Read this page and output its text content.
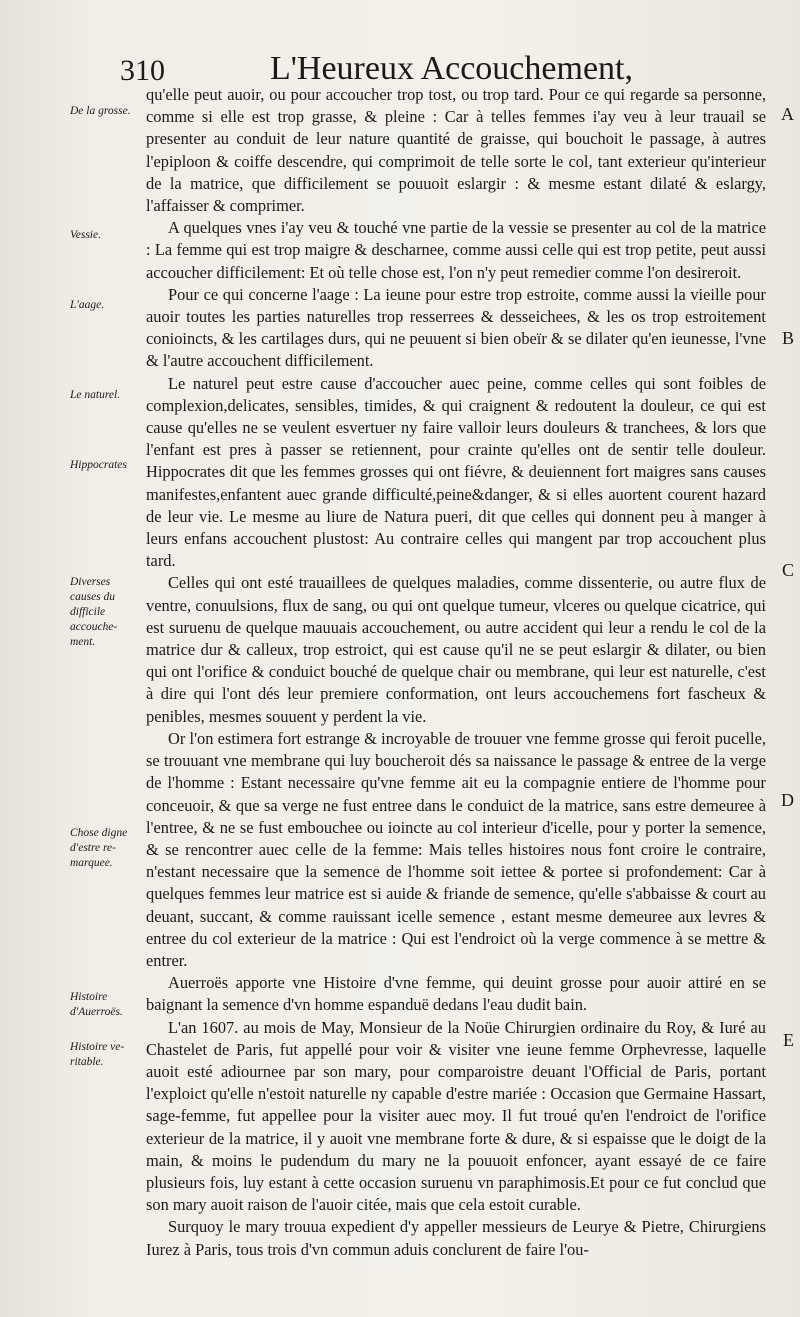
310	L'Heureux Accouchement,
De la grosse.
Vessie.
L'aage.
Le naturel.
Hippocrates
Diverses
causes du
difficile
accouche-
ment.
Chose digne
d'estre re-
marquee.
Histoire
d'Auerroës.
Histoire ve-
ritable.
A
B
C
D
E

qu'elle peut auoir, ou pour accoucher trop tost, ou trop tard. Pour ce qui regarde sa personne, comme si elle est trop grasse, & pleine : Car à telles femmes i'ay veu à leur trauail se presenter au conduit de leur nature quantité de graisse, qui bouchoit le passage, à autres l'epiploon & coiffe descendre, qui comprimoit de telle sorte le col, tant exterieur qu'interieur de la matrice, que difficilement se pouuoit eslargir : & mesme estant dilaté & eslargy, l'affaisser & comprimer.

A quelques vnes i'ay veu & touché vne partie de la vessie se presenter au col de la matrice : La femme qui est trop maigre & descharnee, comme aussi celle qui est trop petite, peut aussi accoucher difficilement: Et où telle chose est, l'on n'y peut remedier comme l'on desireroit.

Pour ce qui concerne l'aage : La ieune pour estre trop estroite, comme aussi la vieille pour auoir toutes les parties naturelles trop resserrees & desseichees, & les os trop estroitement conioincts, & les cartilages durs, qui ne peuuent si bien obeïr & se dilater qu'en ieunesse, l'vne & l'autre accouchent difficilement.

Le naturel peut estre cause d'accoucher auec peine, comme celles qui sont foibles de complexion,delicates, sensibles, timides, & qui craignent & redoutent la douleur, ce qui est cause qu'elles ne se veulent esvertuer ny faire valloir leurs douleurs & tranchees, & lors que l'enfant est pres à passer se retiennent, pour crainte qu'elles ont de sentir telle douleur. Hippocrates dit que les femmes grosses qui ont fiévre, & deuiennent fort maigres sans causes manifestes,enfantent auec grande difficulté,peine&danger, & si elles auortent courent hazard de leur vie. Le mesme au liure de Natura pueri, dit que celles qui donnent peu à manger à leurs enfans accouchent plustost: Au contraire celles qui mangent par trop accouchent plus tard.

Celles qui ont esté trauaillees de quelques maladies, comme dissenterie, ou autre flux de ventre, conuulsions, flux de sang, ou qui ont quelque tumeur, vlceres ou quelque cicatrice, qui est suruenu de quelque mauuais accouchement, ou autre accident qui leur a rendu le col de la matrice dur & calleux, trop estroict, qui est cause qu'il ne se peut eslargir & dilater, ou bien qui ont l'orifice & conduict bouché de quelque chair ou membrane, qui leur est naturelle, c'est à dire qui l'ont dés leur premiere conformation, ont leurs accouchemens fort fascheux & penibles, mesmes souuent y perdent la vie.

Or l'on estimera fort estrange & incroyable de trouuer vne femme grosse qui feroit pucelle, se trouuant vne membrane qui luy boucheroit dés sa naissance le passage & entree de la verge de l'homme : Estant necessaire qu'vne femme ait eu la compagnie entiere de l'homme pour conceuoir, & que sa verge ne fust entree dans le conduict de la matrice, sans estre demeuree à l'entree, & ne se fust embouchee ou ioincte au col interieur d'icelle, pour y porter la semence, & se rencontrer auec celle de la femme: Mais telles histoires nous font croire le contraire, n'estant necessaire que la semence de l'homme soit iettee & portee si profondement: Car à quelques femmes leur matrice est si auide & friande de semence, qu'elle s'abbaisse & court au deuant, succant, & comme rauissant icelle semence , estant mesme demeuree aux levres & entree du col exterieur de la matrice : Qui est l'endroict où la verge commence à se mettre & entrer.

Auerroës apporte vne Histoire d'vne femme, qui deuint grosse pour auoir attiré en se baignant la semence d'vn homme espanduë dedans l'eau dudit bain.

L'an 1607. au mois de May, Monsieur de la Noüe Chirurgien ordinaire du Roy, & Iuré au Chastelet de Paris, fut appellé pour voir & visiter vne ieune femme Orphevresse, laquelle auoit esté adiournee par son mary, pour comparoistre deuant l'Official de Paris, portant l'exploict qu'elle n'estoit naturelle ny capable d'estre mariée : Occasion que Germaine Hassart, sage-femme, fut appellee pour la visiter auec moy. Il fut troué qu'en l'endroict de l'orifice exterieur de la matrice, il y auoit vne membrane forte & dure, & si espaisse que le doigt de la main, & moins le pudendum du mary ne la pouuoit enfoncer, ayant essayé de ce faire plusieurs fois, luy estant à cette occasion suruenu vn paraphimosis.Et pour ce fut conclud que son mary auoit raison de l'auoir citée, mais que cela estoit curable.

Surquoy le mary trouua expedient d'y appeller messieurs de Leurye & Pietre, Chirurgiens Iurez à Paris, tous trois d'vn commun aduis conclurent de faire l'ou-
